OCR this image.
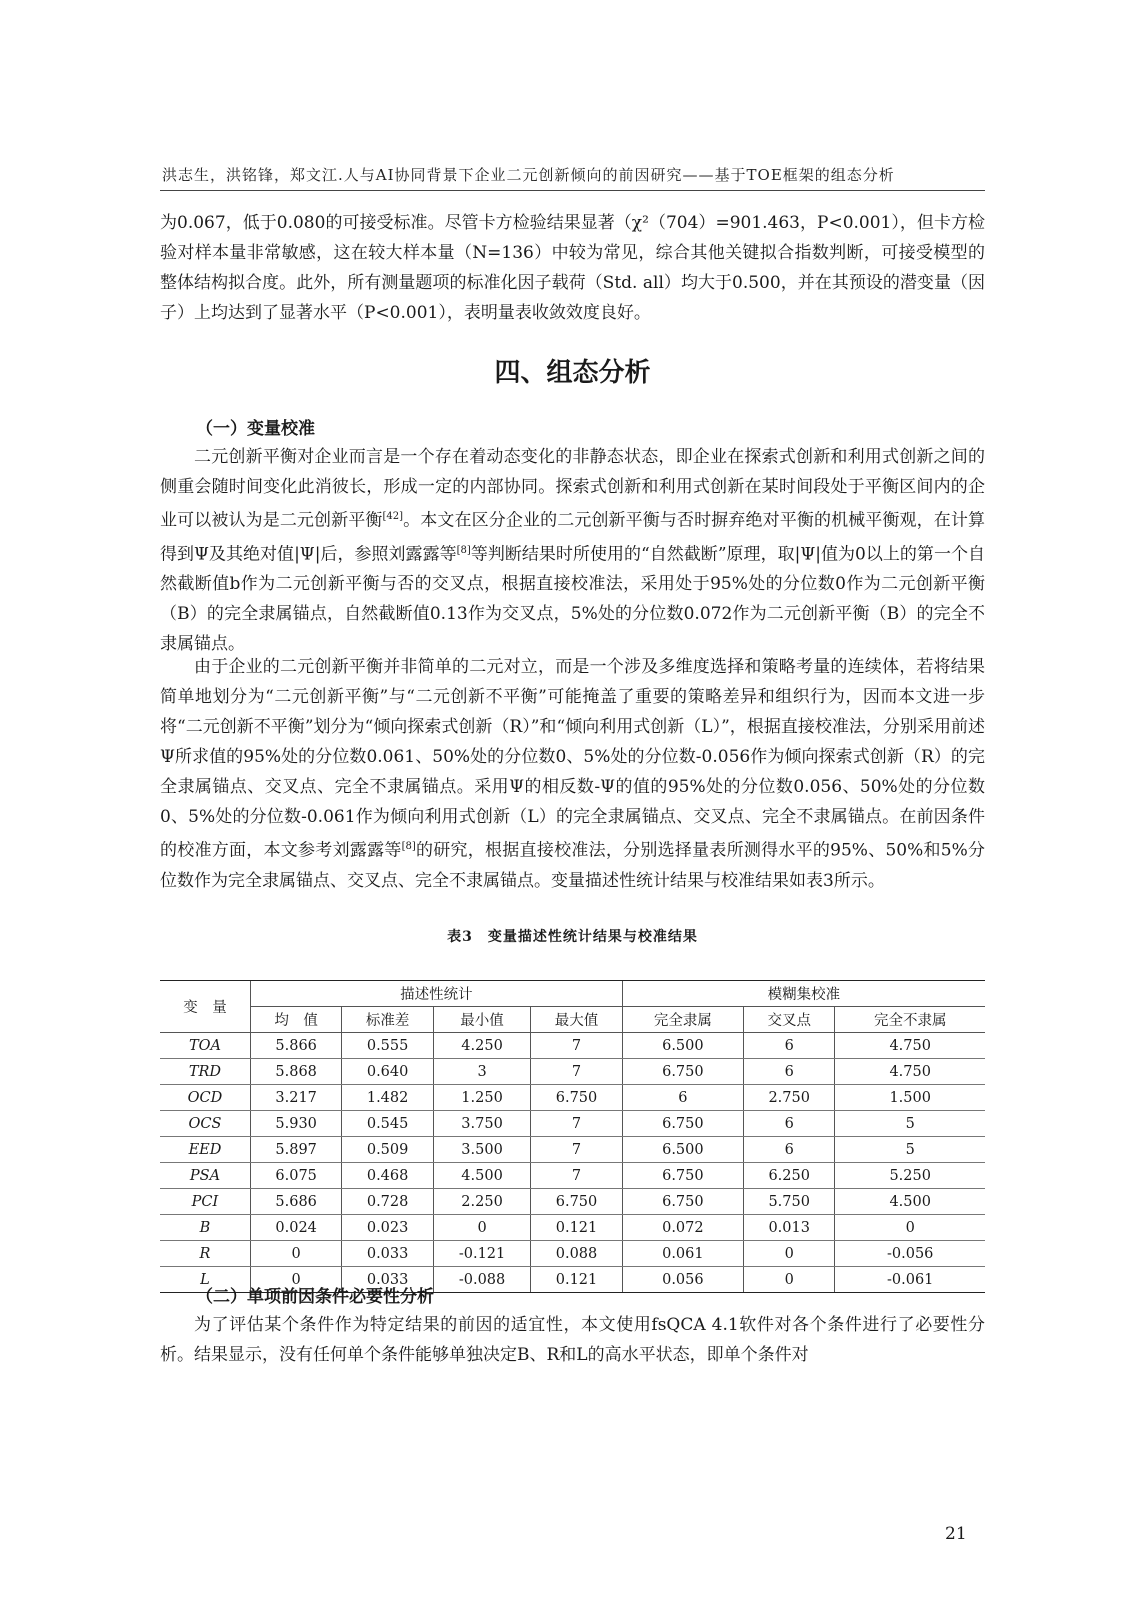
洪志生，洪铭锋，郑文江.人与AI协同背景下企业二元创新倾向的前因研究——基于TOE框架的组态分析

为0.067，低于0.080的可接受标准。尽管卡方检验结果显著（χ²（704）=901.463，P<0.001），但卡方检验对样本量非常敏感，这在较大样本量（N=136）中较为常见，综合其他关键拟合指数判断，可接受模型的整体结构拟合度。此外，所有测量题项的标准化因子载荷（Std. all）均大于0.500，并在其预设的潜变量（因子）上均达到了显著水平（P<0.001），表明量表收敛效度良好。

四、组态分析
（一）变量校准

二元创新平衡对企业而言是一个存在着动态变化的非静态状态，即企业在探索式创新和利用式创新之间的侧重会随时间变化此消彼长，形成一定的内部协同。探索式创新和利用式创新在某时间段处于平衡区间内的企业可以被认为是二元创新平衡[42]。本文在区分企业的二元创新平衡与否时摒弃绝对平衡的机械平衡观，在计算得到Ψ及其绝对值|Ψ|后，参照刘露露等[8]等判断结果时所使用的“自然截断”原理，取|Ψ|值为0以上的第一个自然截断值b作为二元创新平衡与否的交叉点，根据直接校准法，采用处于95%处的分位数0作为二元创新平衡（B）的完全隶属锚点，自然截断值0.13作为交叉点，5%处的分位数0.072作为二元创新平衡（B）的完全不隶属锚点。

由于企业的二元创新平衡并非简单的二元对立，而是一个涉及多维度选择和策略考量的连续体，若将结果简单地划分为“二元创新平衡”与“二元创新不平衡”可能掩盖了重要的策略差异和组织行为，因而本文进一步将“二元创新不平衡”划分为“倾向探索式创新（R）”和“倾向利用式创新（L）”，根据直接校准法，分别采用前述Ψ所求值的95%处的分位数0.061、50%处的分位数0、5%处的分位数-0.056作为倾向探索式创新（R）的完全隶属锚点、交叉点、完全不隶属锚点。采用Ψ的相反数-Ψ的值的95%处的分位数0.056、50%处的分位数0、5%处的分位数-0.061作为倾向利用式创新（L）的完全隶属锚点、交叉点、完全不隶属锚点。在前因条件的校准方面，本文参考刘露露等[8]的研究，根据直接校准法，分别选择量表所测得水平的95%、50%和5%分位数作为完全隶属锚点、交叉点、完全不隶属锚点。变量描述性统计结果与校准结果如表3所示。

表3　变量描述性统计结果与校准结果
变　量	描述性统计				模糊集校准		
	均　值	标准差	最小值	最大值	完全隶属	交叉点	完全不隶属
TOA	5.866	0.555	4.250	7	6.500	6	4.750
TRD	5.868	0.640	3	7	6.750	6	4.750
OCD	3.217	1.482	1.250	6.750	6	2.750	1.500
OCS	5.930	0.545	3.750	7	6.750	6	5
EED	5.897	0.509	3.500	7	6.500	6	5
PSA	6.075	0.468	4.500	7	6.750	6.250	5.250
PCI	5.686	0.728	2.250	6.750	6.750	5.750	4.500
B	0.024	0.023	0	0.121	0.072	0.013	0
R	0	0.033	-0.121	0.088	0.061	0	-0.056
L	0	0.033	-0.088	0.121	0.056	0	-0.061
（二）单项前因条件必要性分析

为了评估某个条件作为特定结果的前因的适宜性，本文使用fsQCA 4.1软件对各个条件进行了必要性分析。结果显示，没有任何单个条件能够单独决定B、R和L的高水平状态，即单个条件对

21
